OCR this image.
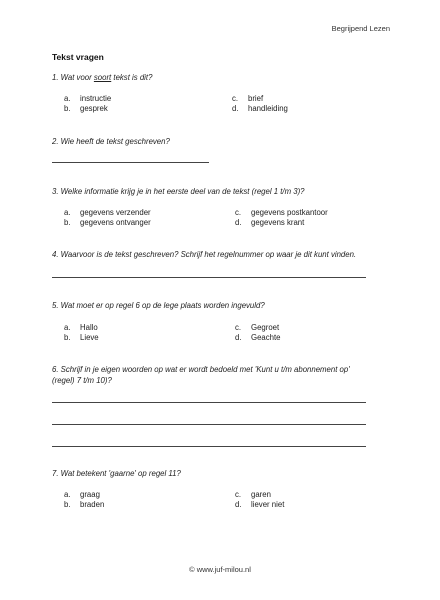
Begrijpend Lezen
Tekst vragen
1. Wat voor soort tekst is dit?
a. instructie
b. gesprek
c. brief
d. handleiding
2. Wie heeft de tekst geschreven?
3. Welke informatie krijg je in het eerste deel van de tekst (regel 1 t/m 3)?
a. gegevens verzender
b. gegevens ontvanger
c. gegevens postkantoor
d. gegevens krant
4. Waarvoor is de tekst geschreven? Schrijf het regelnummer op waar je dit kunt vinden.
5. Wat moet er op regel 6 op de lege plaats worden ingevuld?
a. Hallo
b. Lieve
c. Gegroet
d. Geachte
6. Schrijf in je eigen woorden op wat er wordt bedoeld met 'Kunt u t/m abonnement op' (regel) 7 t/m 10)?
7. Wat betekent 'gaarne' op regel 11?
a. graag
b. braden
c. garen
d. liever niet
© www.juf-milou.nl
